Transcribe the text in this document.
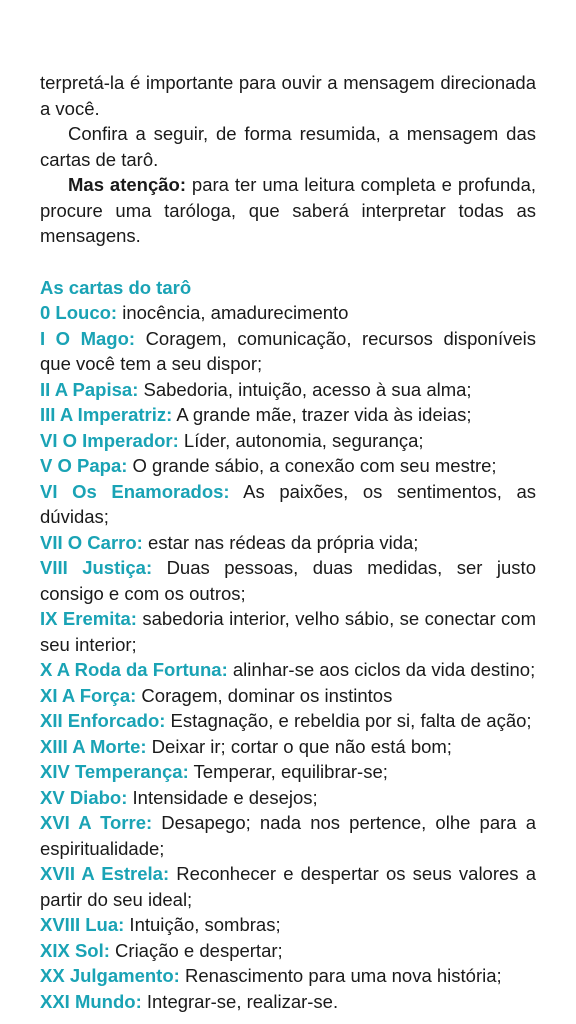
terpretá-la é importante para ouvir a mensagem direcionada a você.

Confira a seguir, de forma resumida, a mensagem das cartas de tarô.

Mas atenção: para ter uma leitura completa e profunda, procure uma taróloga, que saberá interpretar todas as mensagens.

As cartas do tarô

0 Louco: inocência, amadurecimento

I O Mago: Coragem, comunicação, recursos disponíveis que você tem a seu dispor;

II A Papisa: Sabedoria, intuição, acesso à sua alma;

III A Imperatriz: A grande mãe, trazer vida às ideias;

VI O Imperador: Líder, autonomia, segurança;

V O Papa: O grande sábio, a conexão com seu mestre;

VI Os Enamorados: As paixões, os sentimentos, as dúvidas;

VII O Carro: estar nas rédeas da própria vida;

VIII Justiça: Duas pessoas, duas medidas, ser justo consigo e com os outros;

IX Eremita: sabedoria interior, velho sábio, se conectar com seu interior;

X A Roda da Fortuna: alinhar-se aos ciclos da vida destino;

XI A Força: Coragem, dominar os instintos

XII Enforcado: Estagnação, e rebeldia por si, falta de ação;

XIII A Morte: Deixar ir; cortar o que não está bom;

XIV Temperança: Temperar, equilibrar-se;

XV Diabo: Intensidade e desejos;

XVI A Torre: Desapego; nada nos pertence, olhe para a espiritualidade;

XVII A Estrela: Reconhecer e despertar os seus valores a partir do seu ideal;

XVIII Lua: Intuição, sombras;

XIX Sol: Criação e despertar;

XX Julgamento: Renascimento para uma nova história;

XXI Mundo: Integrar-se, realizar-se.
